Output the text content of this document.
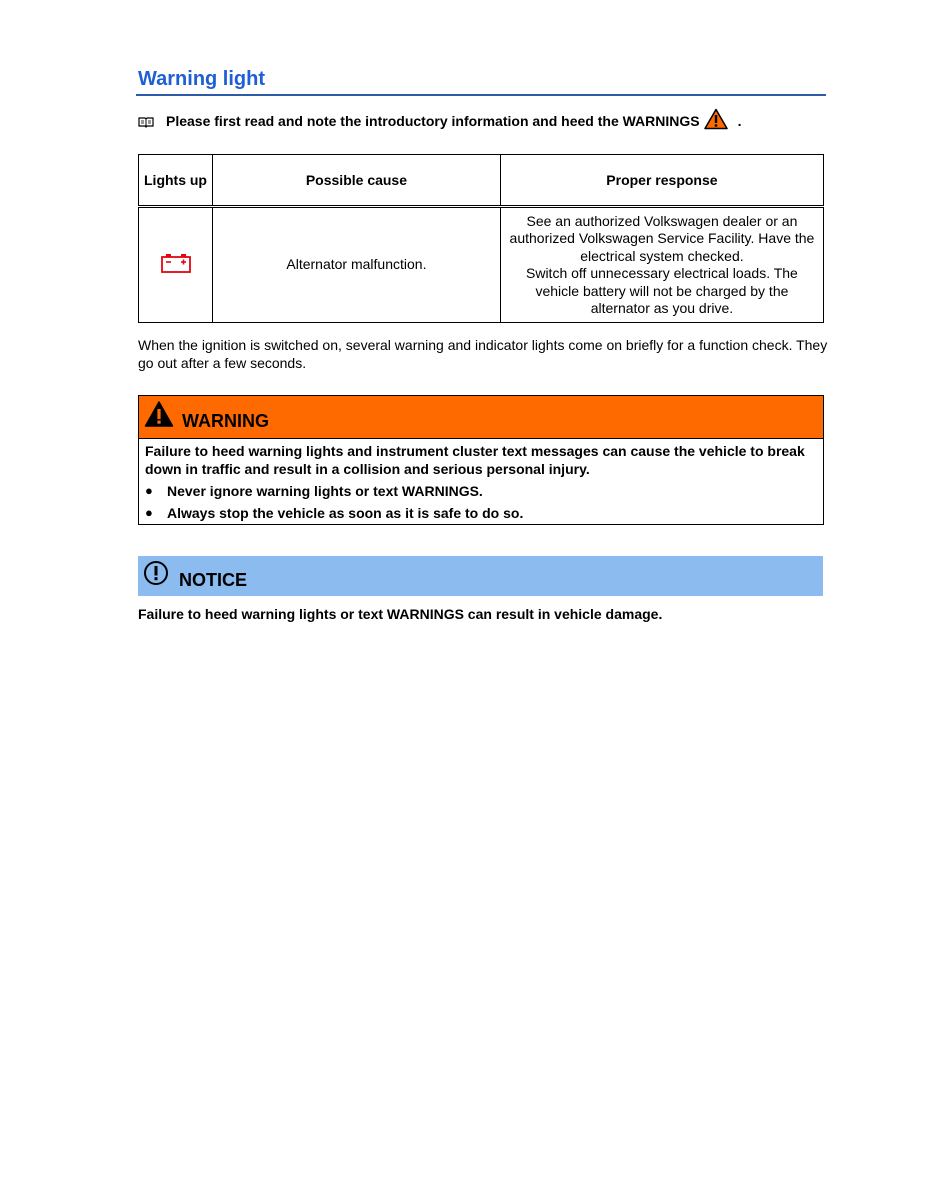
Warning light
Please first read and note the introductory information and heed the WARNINGS	.
Lights up	Possible cause	Proper response
	Alternator malfunction.	See an authorized Volkswagen dealer or an authorized Volkswagen Service Facility. Have the electrical system checked.
Switch off unnecessary electrical loads. The vehicle battery will not be charged by the alternator as you drive.
When the ignition is switched on, several warning and indicator lights come on briefly for a function check. They go out after a few seconds.
WARNING
Failure to heed warning lights and instrument cluster text messages can cause the vehicle to break down in traffic and result in a collision and serious personal injury.
●	Never ignore warning lights or text WARNINGS.
●	Always stop the vehicle as soon as it is safe to do so.
NOTICE
Failure to heed warning lights or text WARNINGS can result in vehicle damage.
